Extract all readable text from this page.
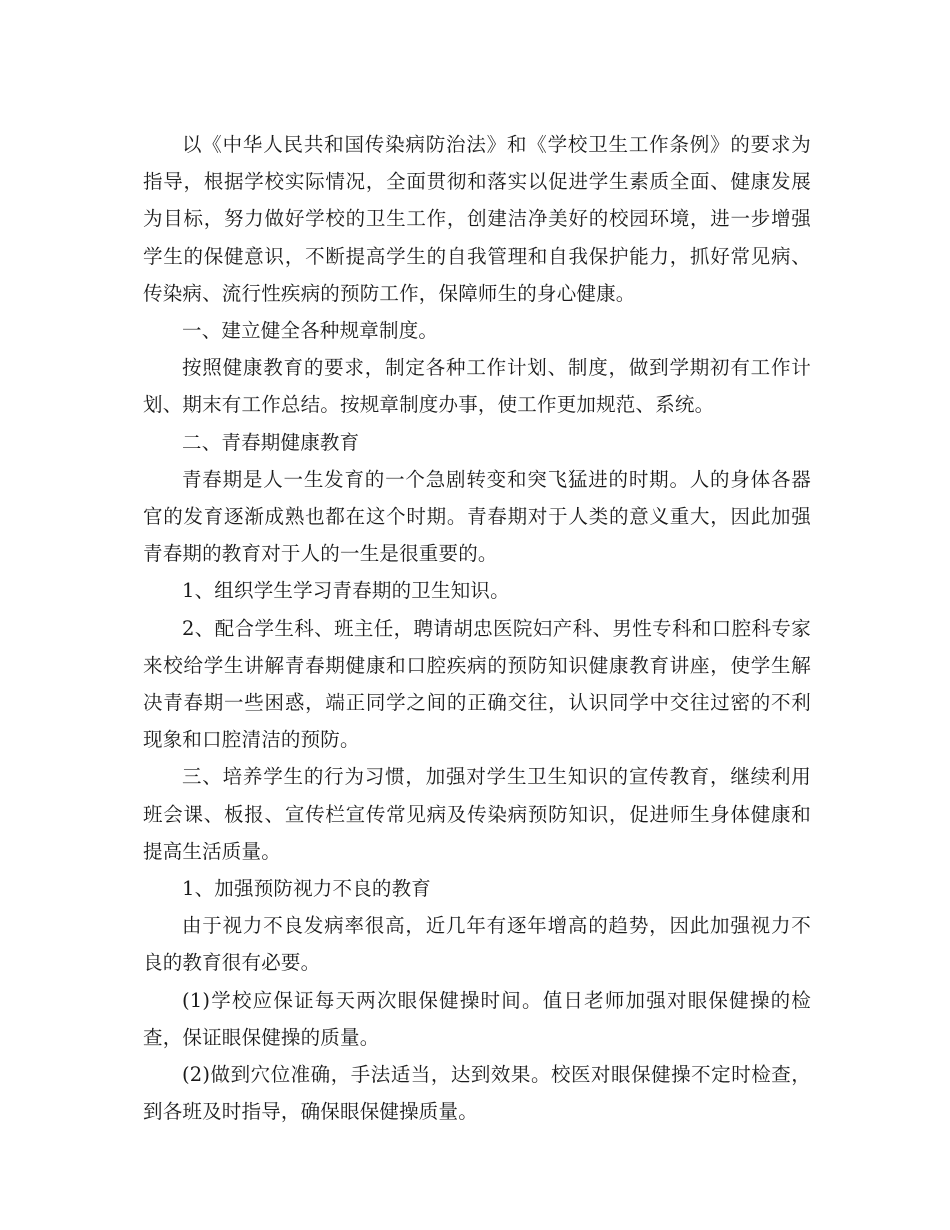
以《中华人民共和国传染病防治法》和《学校卫生工作条例》的要求为指导，根据学校实际情况，全面贯彻和落实以促进学生素质全面、健康发展为目标，努力做好学校的卫生工作，创建洁净美好的校园环境，进一步增强学生的保健意识，不断提高学生的自我管理和自我保护能力，抓好常见病、传染病、流行性疾病的预防工作，保障师生的身心健康。

一、建立健全各种规章制度。

按照健康教育的要求，制定各种工作计划、制度，做到学期初有工作计划、期末有工作总结。按规章制度办事，使工作更加规范、系统。

二、青春期健康教育

青春期是人一生发育的一个急剧转变和突飞猛进的时期。人的身体各器官的发育逐渐成熟也都在这个时期。青春期对于人类的意义重大，因此加强青春期的教育对于人的一生是很重要的。

1、组织学生学习青春期的卫生知识。

2、配合学生科、班主任，聘请胡忠医院妇产科、男性专科和口腔科专家来校给学生讲解青春期健康和口腔疾病的预防知识健康教育讲座，使学生解决青春期一些困惑，端正同学之间的正确交往，认识同学中交往过密的不利现象和口腔清洁的预防。

三、培养学生的行为习惯，加强对学生卫生知识的宣传教育，继续利用班会课、板报、宣传栏宣传常见病及传染病预防知识，促进师生身体健康和提高生活质量。

1、加强预防视力不良的教育

由于视力不良发病率很高，近几年有逐年增高的趋势，因此加强视力不良的教育很有必要。

(1)学校应保证每天两次眼保健操时间。值日老师加强对眼保健操的检查，保证眼保健操的质量。

(2)做到穴位准确，手法适当，达到效果。校医对眼保健操不定时检查，到各班及时指导，确保眼保健操质量。
